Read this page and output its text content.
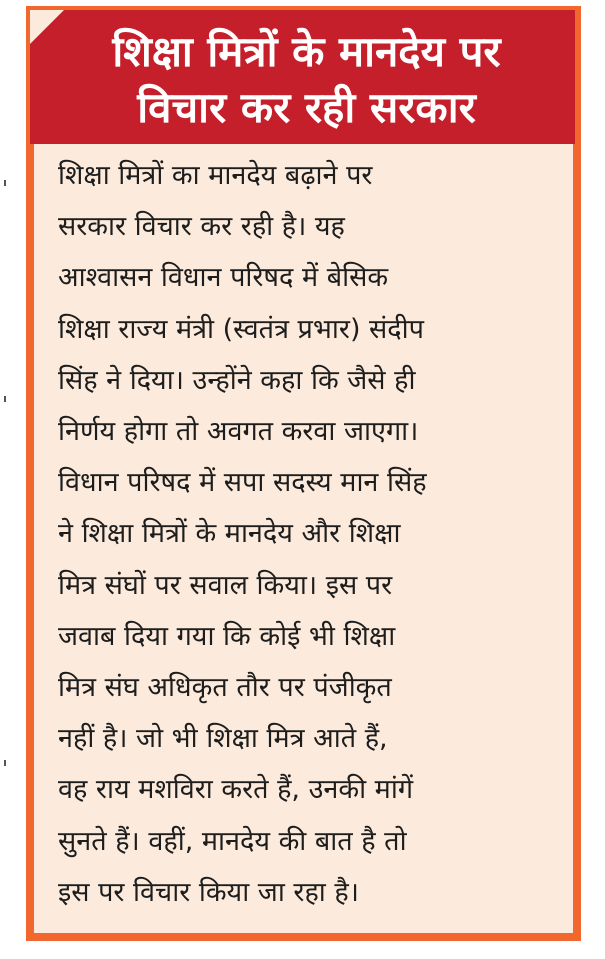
शिक्षा मित्रों के मानदेय पर
विचार कर रही सरकार
शिक्षा मित्रों का मानदेय बढ़ाने पर
सरकार विचार कर रही है। यह
आश्वासन विधान परिषद में बेसिक
शिक्षा राज्य मंत्री (स्वतंत्र प्रभार) संदीप
सिंह ने दिया। उन्होंने कहा कि जैसे ही
निर्णय होगा तो अवगत करवा जाएगा।
विधान परिषद में सपा सदस्य मान सिंह
ने शिक्षा मित्रों के मानदेय और शिक्षा
मित्र संघों पर सवाल किया। इस पर
जवाब दिया गया कि कोई भी शिक्षा
मित्र संघ अधिकृत तौर पर पंजीकृत
नहीं है। जो भी शिक्षा मित्र आते हैं,
वह राय मशविरा करते हैं, उनकी मांगें
सुनते हैं। वहीं, मानदेय की बात है तो
इस पर विचार किया जा रहा है।
